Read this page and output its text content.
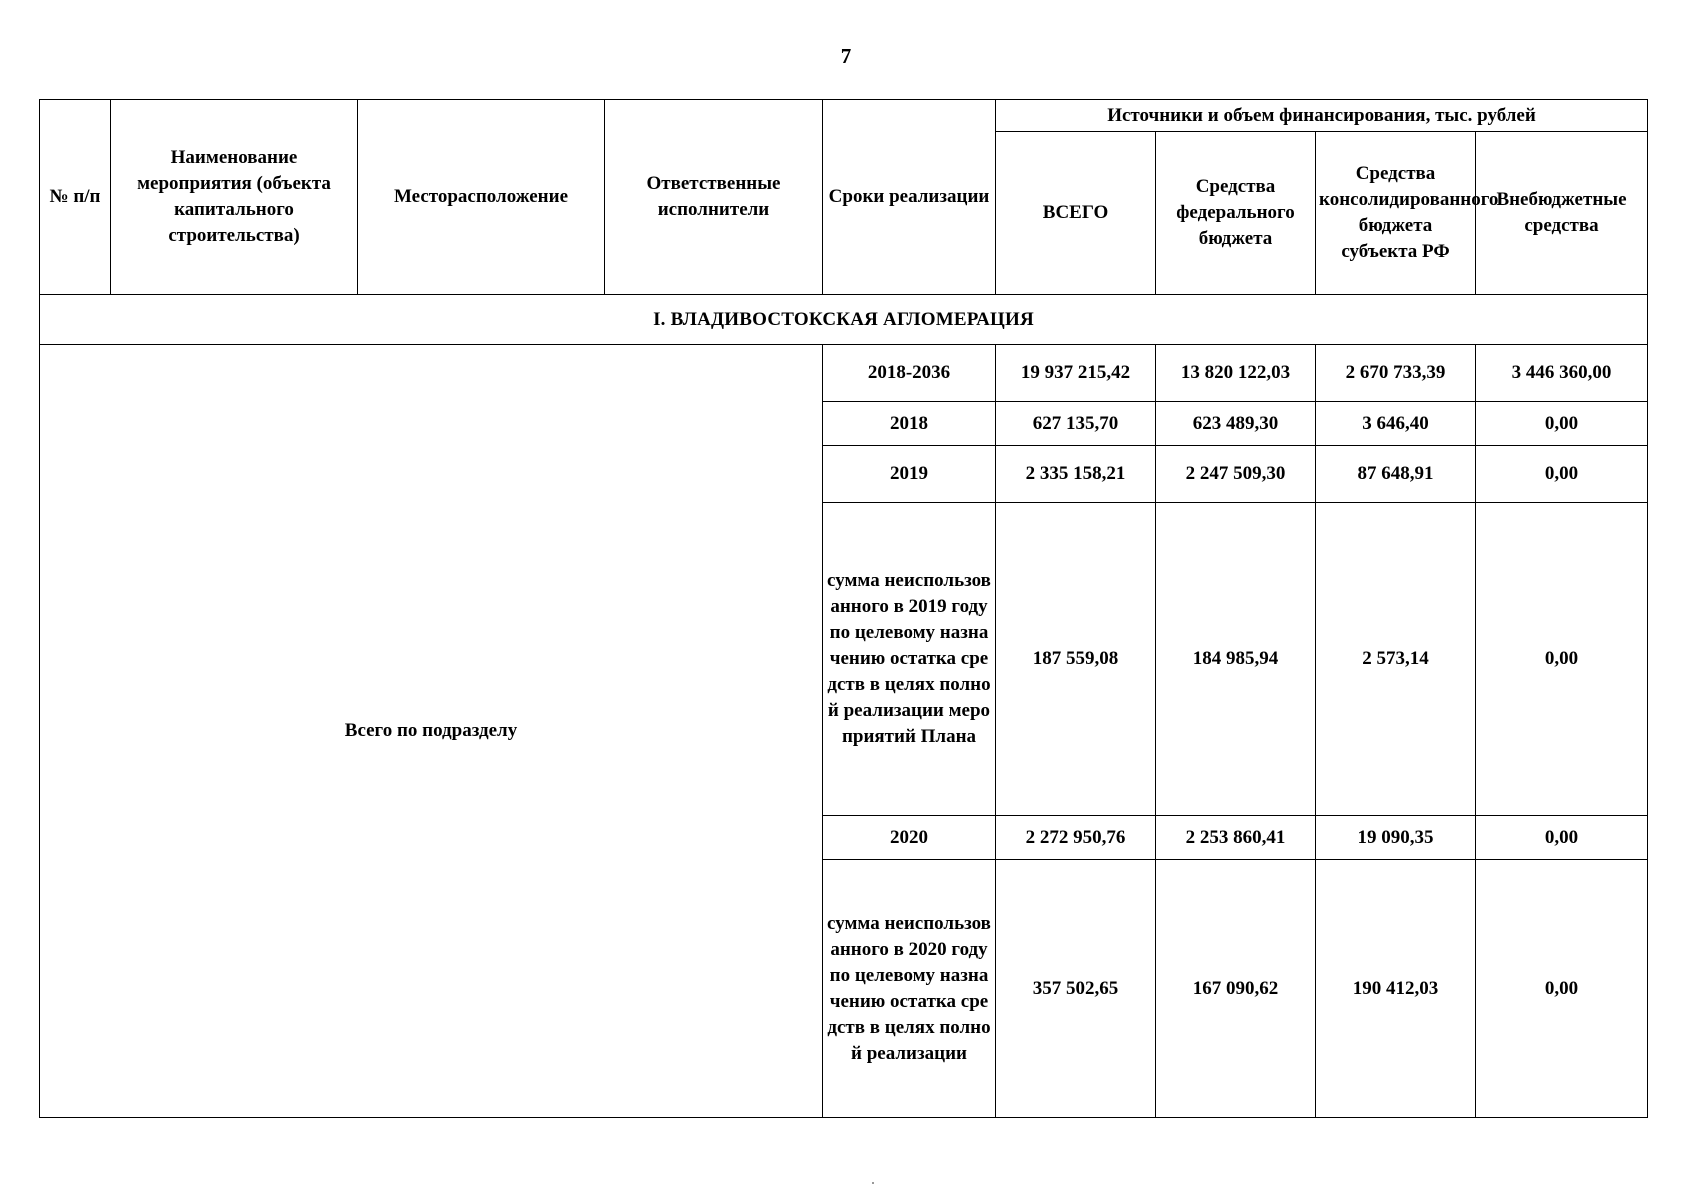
7
№ п/п	Наименование мероприятия (объекта капитального строительства)	Месторасположение	Ответственные исполнители	Сроки реализации	Источники и объем финансирования, тыс. рублей			
					ВСЕГО	Средства федерального бюджета	Средства консолидированного бюджета субъекта РФ	Внебюджетные средства
I. ВЛАДИВОСТОКСКАЯ АГЛОМЕРАЦИЯ								
Всего по подразделу				2018-2036	19 937 215,42	13 820 122,03	2 670 733,39	3 446 360,00
				2018	627 135,70	623 489,30	3 646,40	0,00
				2019	2 335 158,21	2 247 509,30	87 648,91	0,00
				сумма неиспользованного в 2019 году по целевому назначению остатка средств в целях полной реализации мероприятий Плана	187 559,08	184 985,94	2 573,14	0,00
				2020	2 272 950,76	2 253 860,41	19 090,35	0,00
				сумма неиспользованного в 2020 году по целевому назначению остатка средств в целях полной реализации	357 502,65	167 090,62	190 412,03	0,00
